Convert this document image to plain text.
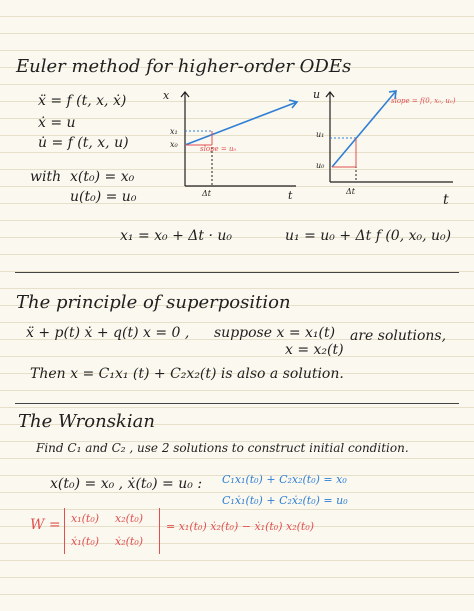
Euler method for higher-order ODEs
ẍ = f (t, x, ẋ)
ẋ = u
u̇ = f (t, x, u)
with x(t₀) = x₀
u(t₀) = u₀
x
t
x₁
x₀
Δt
slope = u₀
u
t
u₁
u₀
Δt
slope = f(0, x₀, u₀)
x₁ = x₀ + Δt · u₀	u₁ = u₀ + Δt f (0, x₀, u₀)
The principle of superposition
ẍ + p(t) ẋ + q(t) x = 0 , suppose x = x₁(t)
x = x₂(t)
are solutions,
Then x = C₁x₁ (t) + C₂x₂(t) is also a solution.
The Wronskian
Find C₁ and C₂ , use 2 solutions to construct initial condition.
x(t₀) = x₀ , ẋ(t₀) = u₀ : C₁x₁(t₀) + C₂x₂(t₀) = x₀
C₁ẋ₁(t₀) + C₂ẋ₂(t₀) = u₀
W = x₁(t₀) x₂(t₀)
ẋ₁(t₀) ẋ₂(t₀)
= x₁(t₀) ẋ₂(t₀) − ẋ₁(t₀) x₂(t₀)
